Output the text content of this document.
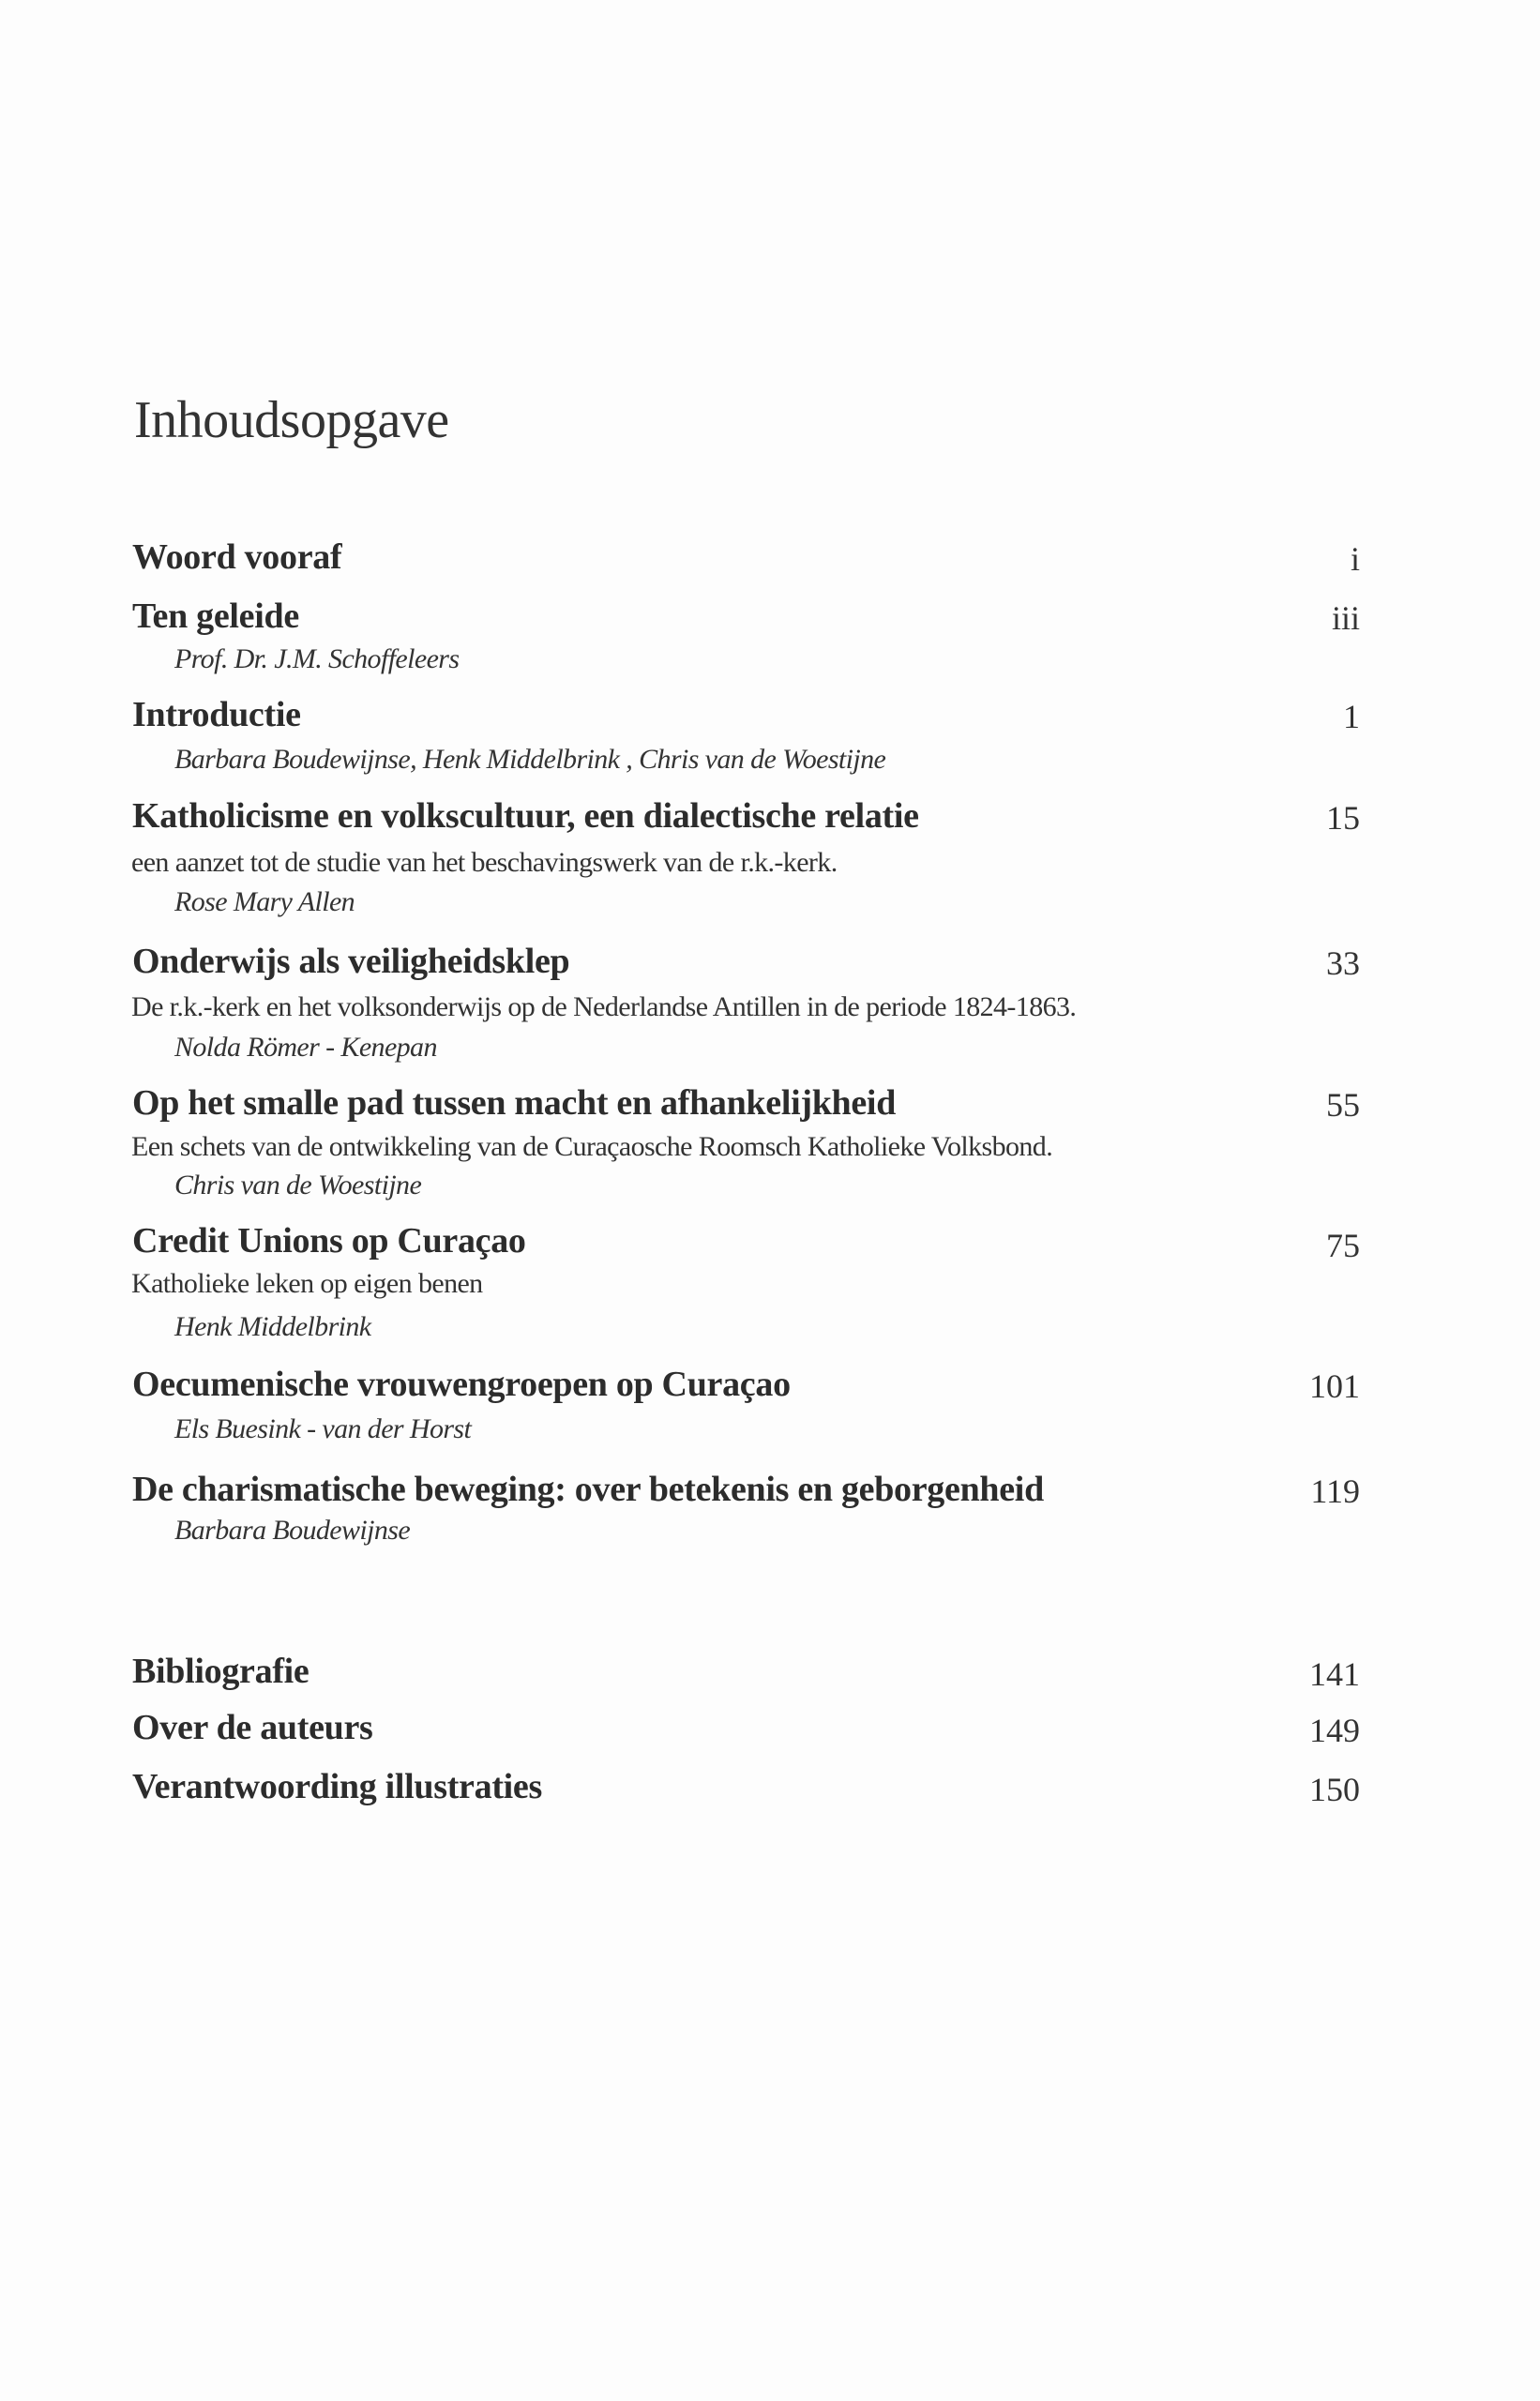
Inhoudsopgave
Woord vooraf	i
Ten geleide	iii
Prof. Dr. J.M. Schoffeleers
Introductie	1
Barbara Boudewijnse, Henk Middelbrink , Chris van de Woestijne
Katholicisme en volkscultuur, een dialectische relatie	15
een aanzet tot de studie van het beschavingswerk van de r.k.-kerk.
Rose Mary Allen
Onderwijs als veiligheidsklep	33
De r.k.-kerk en het volksonderwijs op de Nederlandse Antillen in de periode 1824-1863.
Nolda Römer - Kenepan
Op het smalle pad tussen macht en afhankelijkheid	55
Een schets van de ontwikkeling van de Curaçaosche Roomsch Katholieke Volksbond.
Chris van de Woestijne
Credit Unions op Curaçao	75
Katholieke leken op eigen benen
Henk Middelbrink
Oecumenische vrouwengroepen op Curaçao	101
Els Buesink - van der Horst
De charismatische beweging: over betekenis en geborgenheid	119
Barbara Boudewijnse
Bibliografie	141
Over de auteurs	149
Verantwoording illustraties	150
